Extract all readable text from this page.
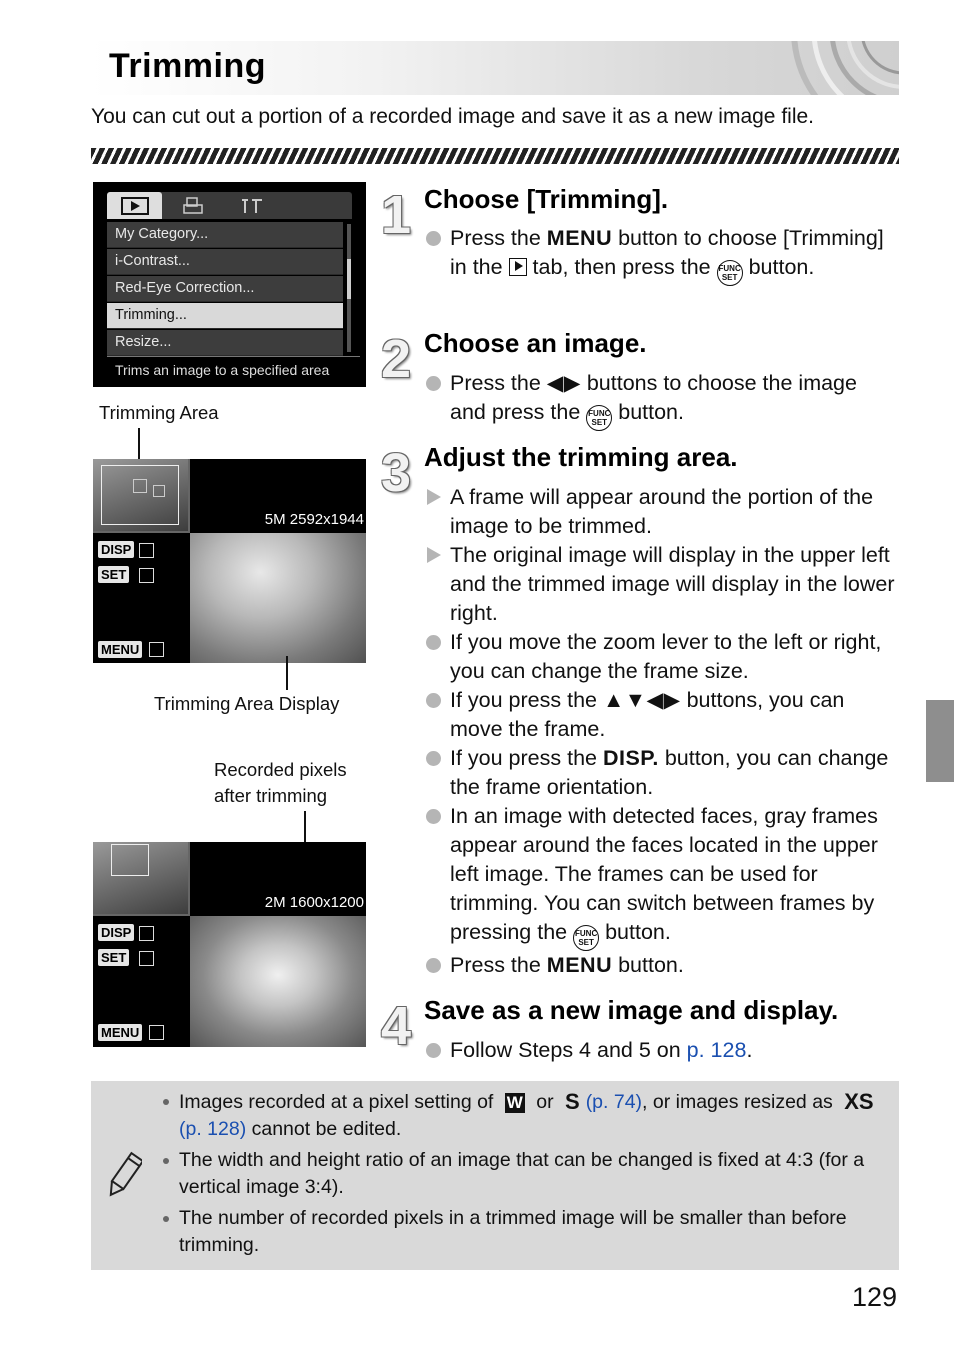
Trimming
You can cut out a portion of a recorded image and save it as a new image file.
My Category...
i-Contrast...
Red-Eye Correction...
Trimming...
Resize...
Trims an image to a specified area
Trimming Area
5M 2592x1944
DISP
SET
MENU
Trimming Area Display
Recorded pixels
after trimming
2M 1600x1200
DISP
SET
MENU
1 Choose [Trimming].
Press the MENU button to choose [Trimming] in the  tab, then press the FUNC SET button.
2 Choose an image.
Press the ◀▶ buttons to choose the image and press the FUNC SET button.
3 Adjust the trimming area.
A frame will appear around the portion of the image to be trimmed.
The original image will display in the upper left and the trimmed image will display in the lower right.
If you move the zoom lever to the left or right, you can change the frame size.
If you press the ▲▼◀▶ buttons, you can move the frame.
If you press the DISP. button, you can change the frame orientation.
In an image with detected faces, gray frames appear around the faces located in the upper left image. The frames can be used for trimming. You can switch between frames by pressing the FUNC SET button.
Press the MENU button.
4 Save as a new image and display.
Follow Steps 4 and 5 on p. 128.
Images recorded at a pixel setting of W or S (p. 74), or images resized as XS(p. 128) cannot be edited.
The width and height ratio of an image that can be changed is fixed at 4:3 (for a vertical image 3:4).
The number of recorded pixels in a trimmed image will be smaller than before trimming.
129
